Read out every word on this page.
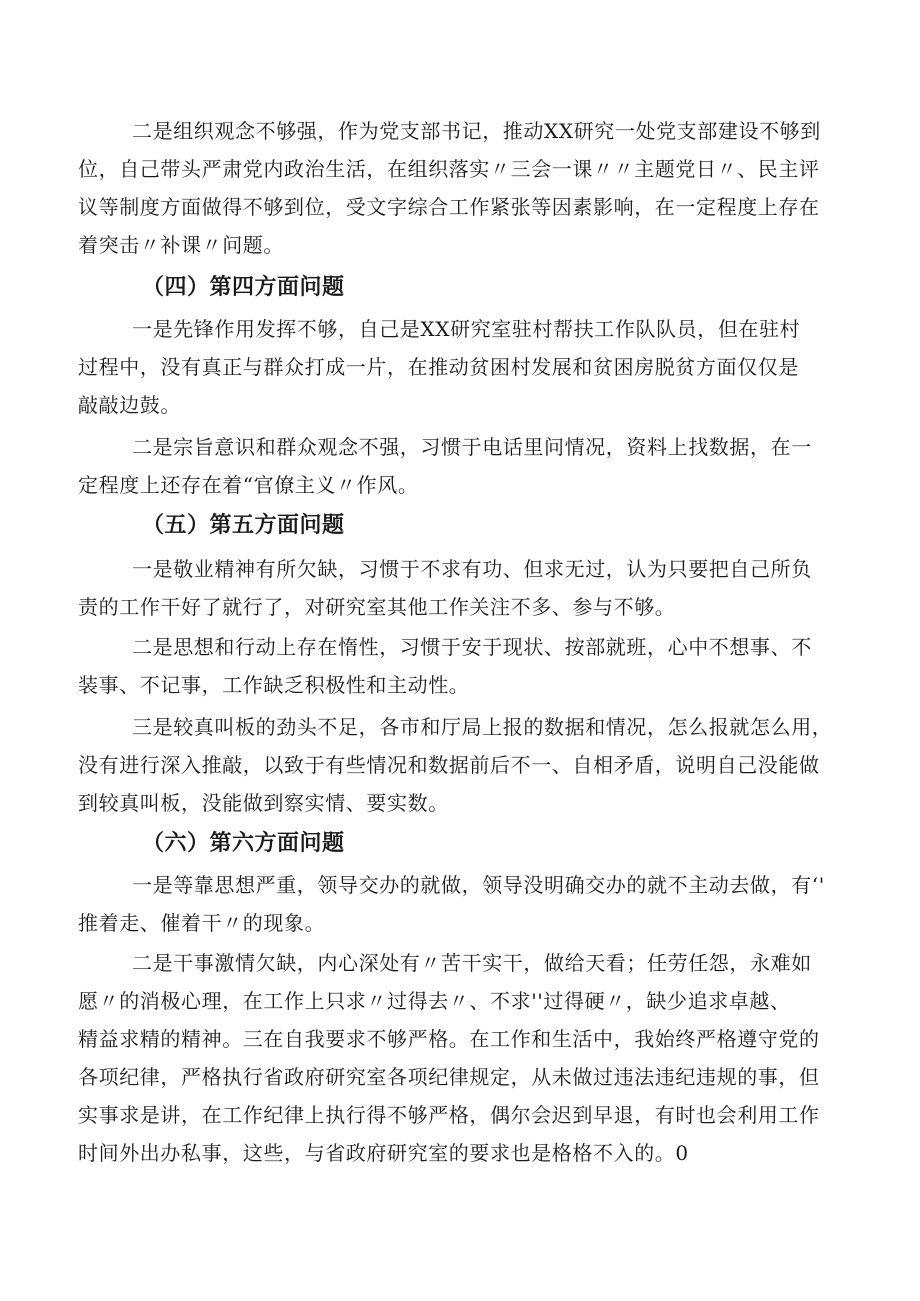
二是组织观念不够强，作为党支部书记，推动XX研究一处党支部建设不够到
位，自己带头严肃党内政治生活，在组织落实〃三会一课〃〃主题党日〃、民主评
议等制度方面做得不够到位，受文字综合工作紧张等因素影响，在一定程度上存在
着突击〃补课〃问题。
（四）第四方面问题
一是先锋作用发挥不够，自己是XX研究室驻村帮扶工作队队员，但在驻村
过程中，没有真正与群众打成一片，在推动贫困村发展和贫困房脱贫方面仅仅是
敲敲边鼓。
二是宗旨意识和群众观念不强，习惯于电话里问情况，资料上找数据，在一
定程度上还存在着“官僚主义〃作风。
（五）第五方面问题
一是敬业精神有所欠缺，习惯于不求有功、但求无过，认为只要把自己所负
责的工作干好了就行了，对研究室其他工作关注不多、参与不够。
二是思想和行动上存在惰性，习惯于安于现状、按部就班，心中不想事、不
装事、不记事，工作缺乏积极性和主动性。
三是较真叫板的劲头不足，各市和厅局上报的数据和情况，怎么报就怎么用，
没有进行深入推敲，以致于有些情况和数据前后不一、自相矛盾，说明自己没能做
到较真叫板，没能做到察实情、要实数。
（六）第六方面问题
一是等靠思想严重，领导交办的就做，领导没明确交办的就不主动去做，有‘'
推着走、催着干〃的现象。
二是干事激情欠缺，内心深处有〃苦干实干，做给天看；任劳任怨，永难如
愿〃的消极心理，在工作上只求〃过得去〃、不求''过得硬〃，缺少追求卓越、
精益求精的精神。三在自我要求不够严格。在工作和生活中，我始终严格遵守党的
各项纪律，严格执行省政府研究室各项纪律规定，从未做过违法违纪违规的事，但
实事求是讲，在工作纪律上执行得不够严格，偶尔会迟到早退，有时也会利用工作
时间外出办私事，这些，与省政府研究室的要求也是格格不入的。0
